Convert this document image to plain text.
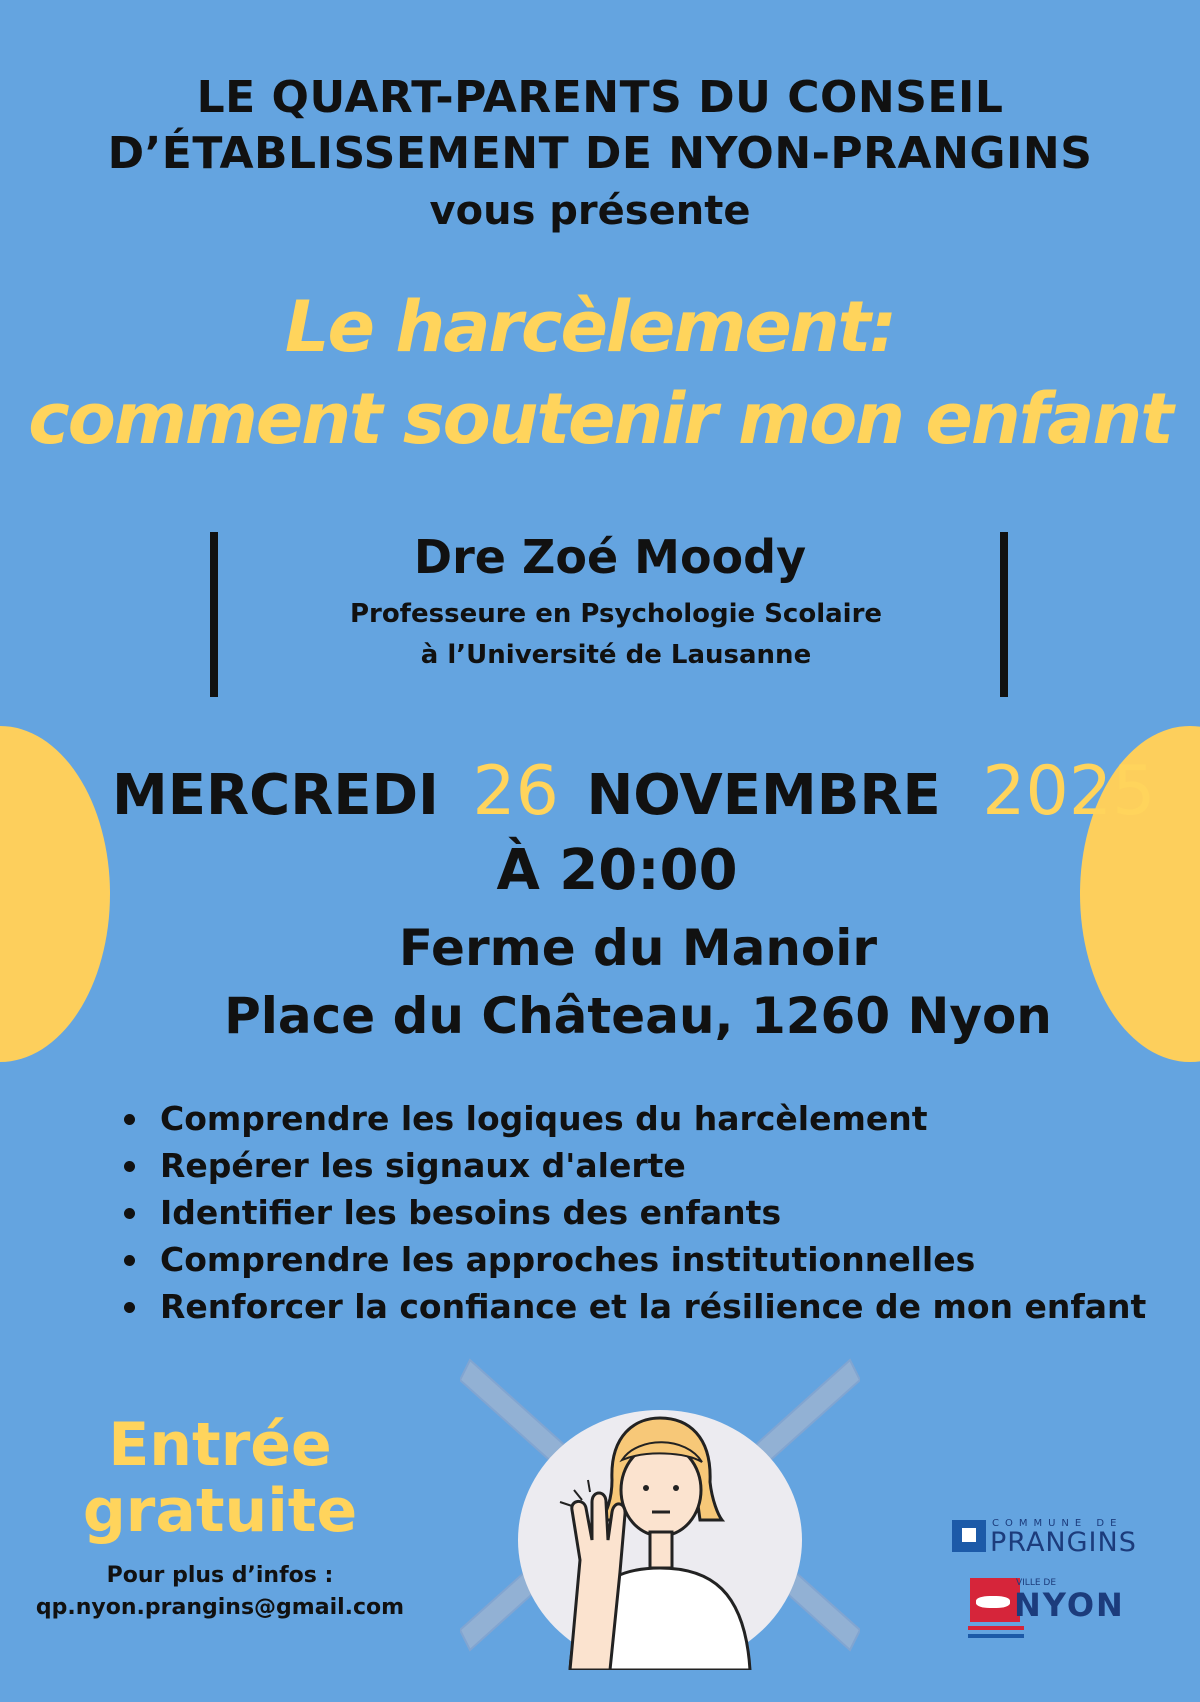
LE QUART-PARENTS DU CONSEIL
D’ÉTABLISSEMENT DE NYON-PRANGINS
vous présente
Le harcèlement:
comment soutenir mon enfant
Dre Zoé Moody
Professeure en Psychologie Scolaire
à l’Université de Lausanne
MERCREDI 26 NOVEMBRE 2025
À 20:00
Ferme du Manoir
Place du Château, 1260 Nyon
Comprendre les logiques du harcèlement
Repérer les signaux d'alerte
Identifier les besoins des enfants
Comprendre les approches institutionnelles
Renforcer la confiance et la résilience de mon enfant
Entrée
gratuite
Pour plus d’infos :
qp.nyon.prangins@gmail.com
COMMUNE DE
PRANGINS
VILLE DE
NYON
